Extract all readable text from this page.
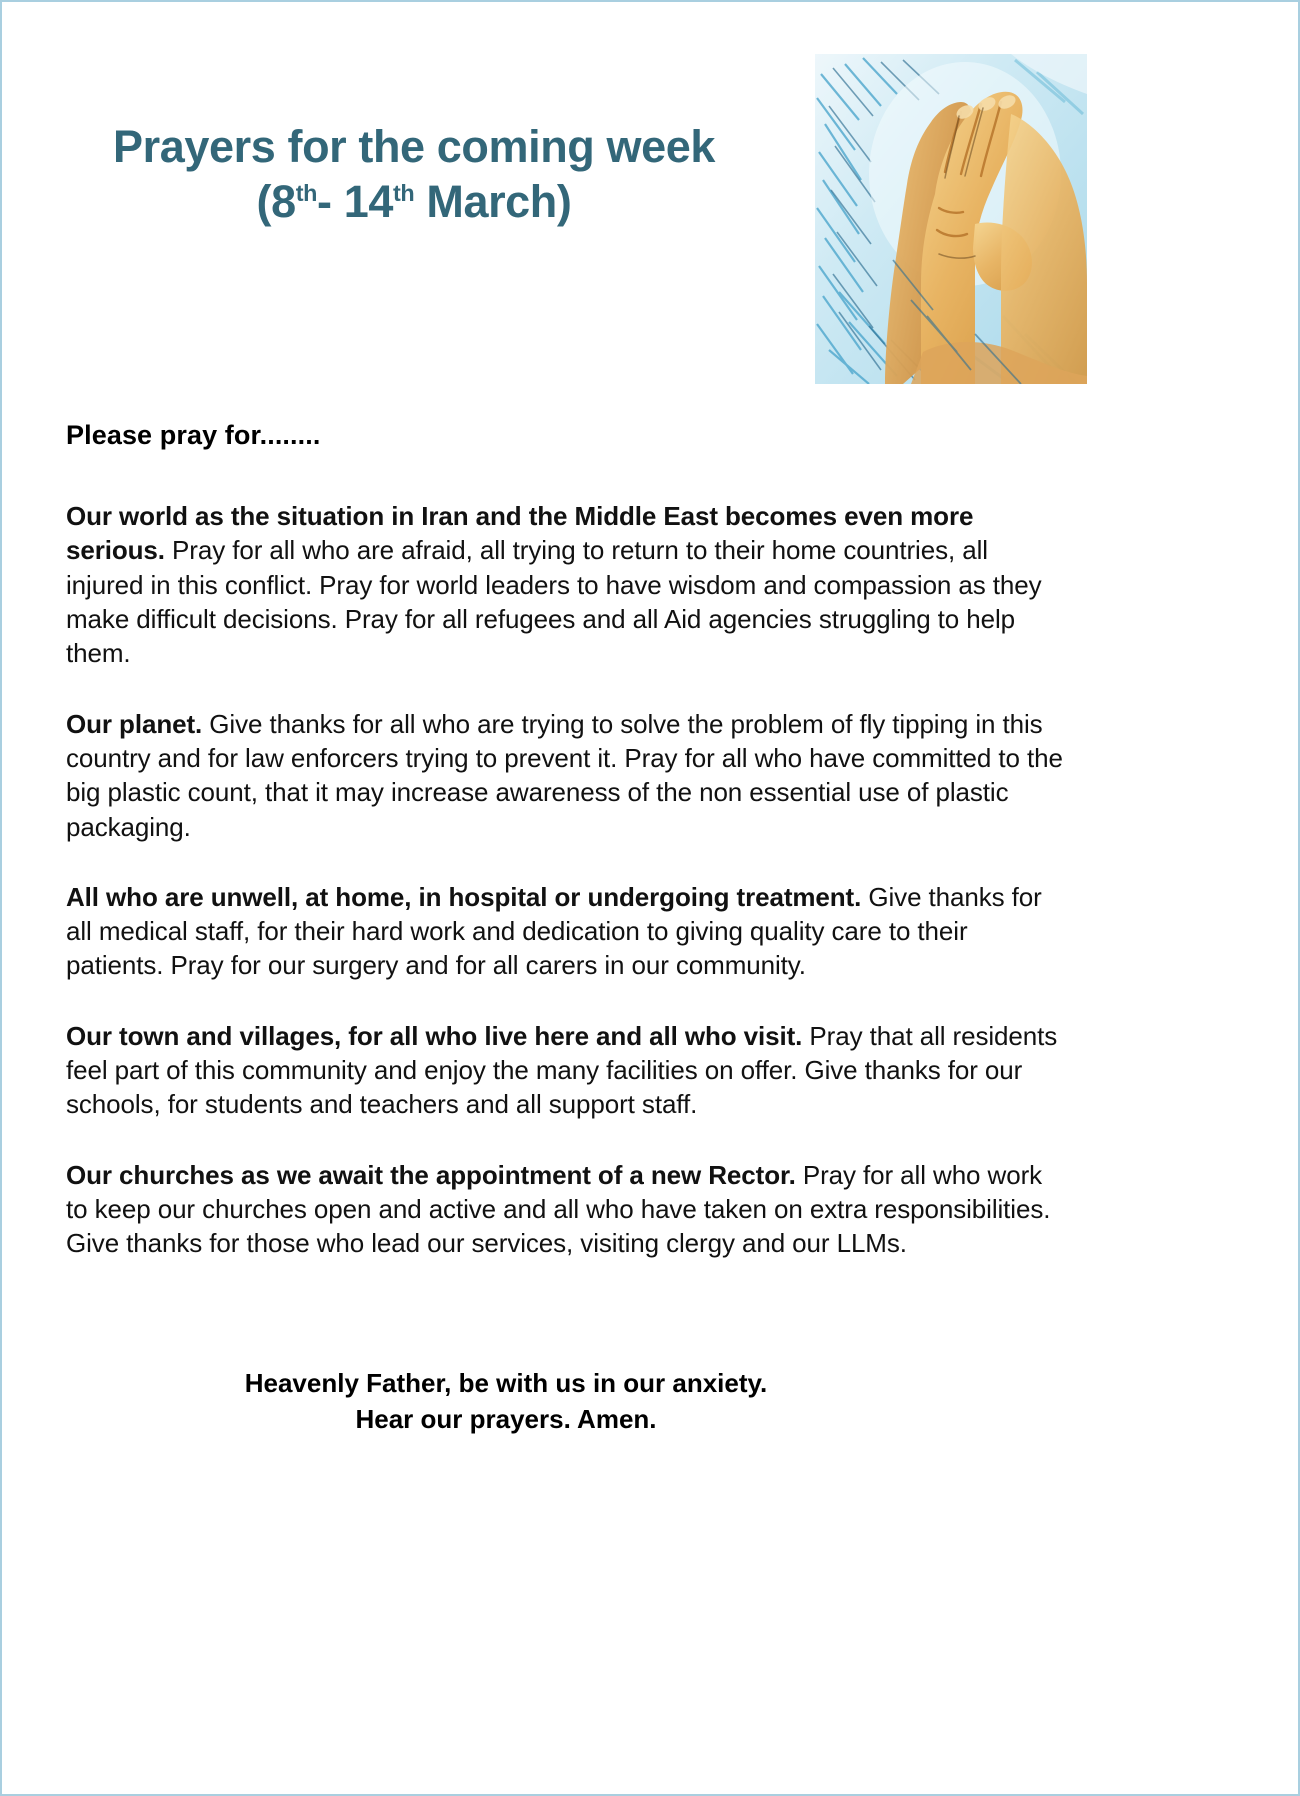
Prayers for the coming week
(8th- 14th March)
Please pray for........

Our world as the situation in Iran and the Middle East becomes even more serious. Pray for all who are afraid, all trying to return to their home countries, all injured in this conflict. Pray for world leaders to have wisdom and compassion as they make difficult decisions. Pray for all refugees and all Aid agencies struggling to help them.

Our planet. Give thanks for all who are trying to solve the problem of fly tipping in this country and for law enforcers trying to prevent it. Pray for all who have committed to the big plastic count, that it may increase awareness of the non essential use of plastic packaging.

All who are unwell, at home, in hospital or undergoing treatment. Give thanks for all medical staff, for their hard work and dedication to giving quality care to their patients. Pray for our surgery and for all carers in our community.

Our town and villages, for all who live here and all who visit. Pray that all residents feel part of this community and enjoy the many facilities on offer. Give thanks for our schools, for students and teachers and all support staff.

Our churches as we await the appointment of a new Rector. Pray for all who work to keep our churches open and active and all who have taken on extra responsibilities. Give thanks for those who lead our services, visiting clergy and our LLMs.

Heavenly Father, be with us in our anxiety.
Hear our prayers. Amen.
